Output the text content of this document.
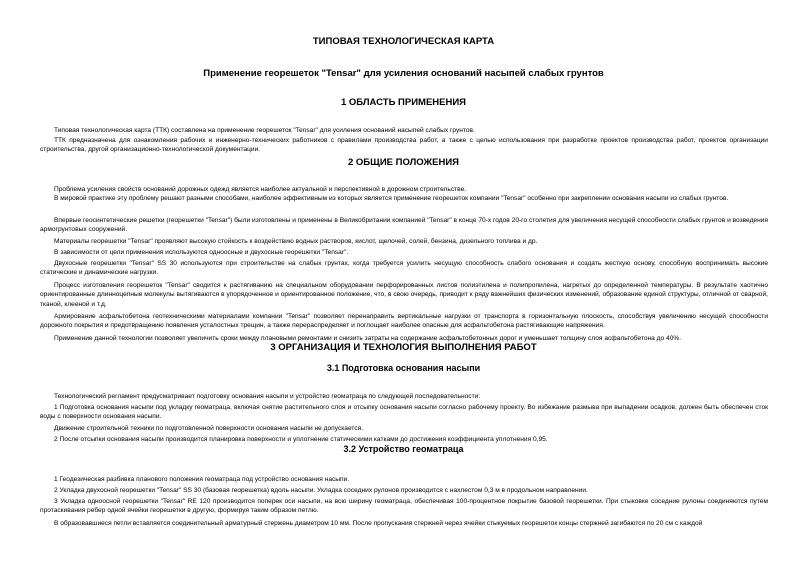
ТИПОВАЯ ТЕХНОЛОГИЧЕСКАЯ КАРТА
Применение георешеток "Tensar" для усиления оснований насыпей слабых грунтов
1 ОБЛАСТЬ ПРИМЕНЕНИЯ

Типовая технологическая карта (ТТК) составлена на применение георешеток "Tensar" для усиления оснований насыпей слабых грунтов.

ТТК предназначена для ознакомления рабочих и инженерно-технических работников с правилами производства работ, а также с целью использования при разработке проектов производства работ, проектов организации строительства, другой организационно-технологической документации.

2 ОБЩИЕ ПОЛОЖЕНИЯ

Проблема усиления свойств оснований дорожных одежд является наиболее актуальной и перспективной в дорожном строительстве.

В мировой практике эту проблему решают разными способами, наиболее эффективным из которых является применение георешеток компании "Tensar" особенно при закреплении основания насыпи из слабых грунтов.

Впервые геосинтетические решетки (георешетки "Tensar") были изготовлены и применены в Великобритании компанией "Tensar" в конце 70-х годов 20-го столетия для увеличения несущей способности слабых грунтов и возведения армогрунтовых сооружений.

Материалы георешетки "Tensar" проявляют высокую стойкость к воздействию водных растворов, кислот, щелочей, солей, бензина, дизельного топлива и др.

В зависимости от цели применения используются одноосные и двухосные георешетки "Tensar".

Двухосные георешетки "Tensar" SS 30 используются при строительстве на слабых грунтах, когда требуется усилить несущую способность слабого основания и создать жесткую основу, способную воспринимать высокие статические и динамические нагрузки.

Процесс изготовления георешеток "Tensar" сводится к растягиванию на специальном оборудовании перфорированных листов полиэтилена и полипропилена, нагретых до определенной температуры. В результате хаотично ориентированные длинноцепные молекулы вытягиваются в упорядоченное и ориентированное положение, что, в свою очередь, приводит к ряду важнейших физических изменений, образование единой структуры, отличной от сварной, тканой, клееной и т.д.

Армирование асфальтобетона геотехническими материалами компании "Tensar" позволяет перенаправить вертикальные нагрузки от транспорта в горизонтальную плоскость, способствуя увеличению несущей способности дорожного покрытия и предотвращению появления усталостных трещин, а также перераспределяет и поглощает наиболее опасные для асфальтобетона растягивающие напряжения.

Применение данной технологии позволяет увеличить сроки между плановыми ремонтами и снизить затраты на содержание асфальтобетонных дорог и уменьшает толщину слоя асфальтобетона до 40%.

3 ОРГАНИЗАЦИЯ И ТЕХНОЛОГИЯ ВЫПОЛНЕНИЯ РАБОТ
3.1 Подготовка основания насыпи

Технологический регламент предусматривает подготовку основания насыпи и устройство геоматраца по следующей последовательности:

1 Подготовка основания насыпи под укладку геоматраца, включая снятие растительного слоя и отсыпку основания насыпи согласно рабочему проекту. Во избежание размыва при выпадении осадков, должен быть обеспечен сток воды с поверхности основания насыпи.

Движение строительной техники по подготовленной поверхности основания насыпи не допускается.

2 После отсыпки основания насыпи производится планировка поверхности и уплотнение статическими катками до достижения коэффициента уплотнения 0,95.

3.2 Устройство геоматраца

1 Геодезическая разбивка планового положения геоматраца под устройство основания насыпи.

2 Укладка двухосной георешетки "Tensar" SS 30 (базовая георешетка) вдоль насыпи. Укладка соседних рулонов производится с нахлестом 0,3 м в продольном направлении.

3 Укладка одноосной георешетки "Tensar" RE 120 производится поперек оси насыпи, на всю ширину геоматраца, обеспечивая 100-процентное покрытие базовой георешетки. При стыковке соседние рулоны соединяются путем протаскивания ребер одной ячейки георешетки в другую, формируя таким образом петлю.

В образовавшиеся петли вставляется соединительный арматурный стержень диаметром 10 мм. После пропускания стержней через ячейки стыкуемых георешеток концы стержней загибаются по 20 см с каждой
